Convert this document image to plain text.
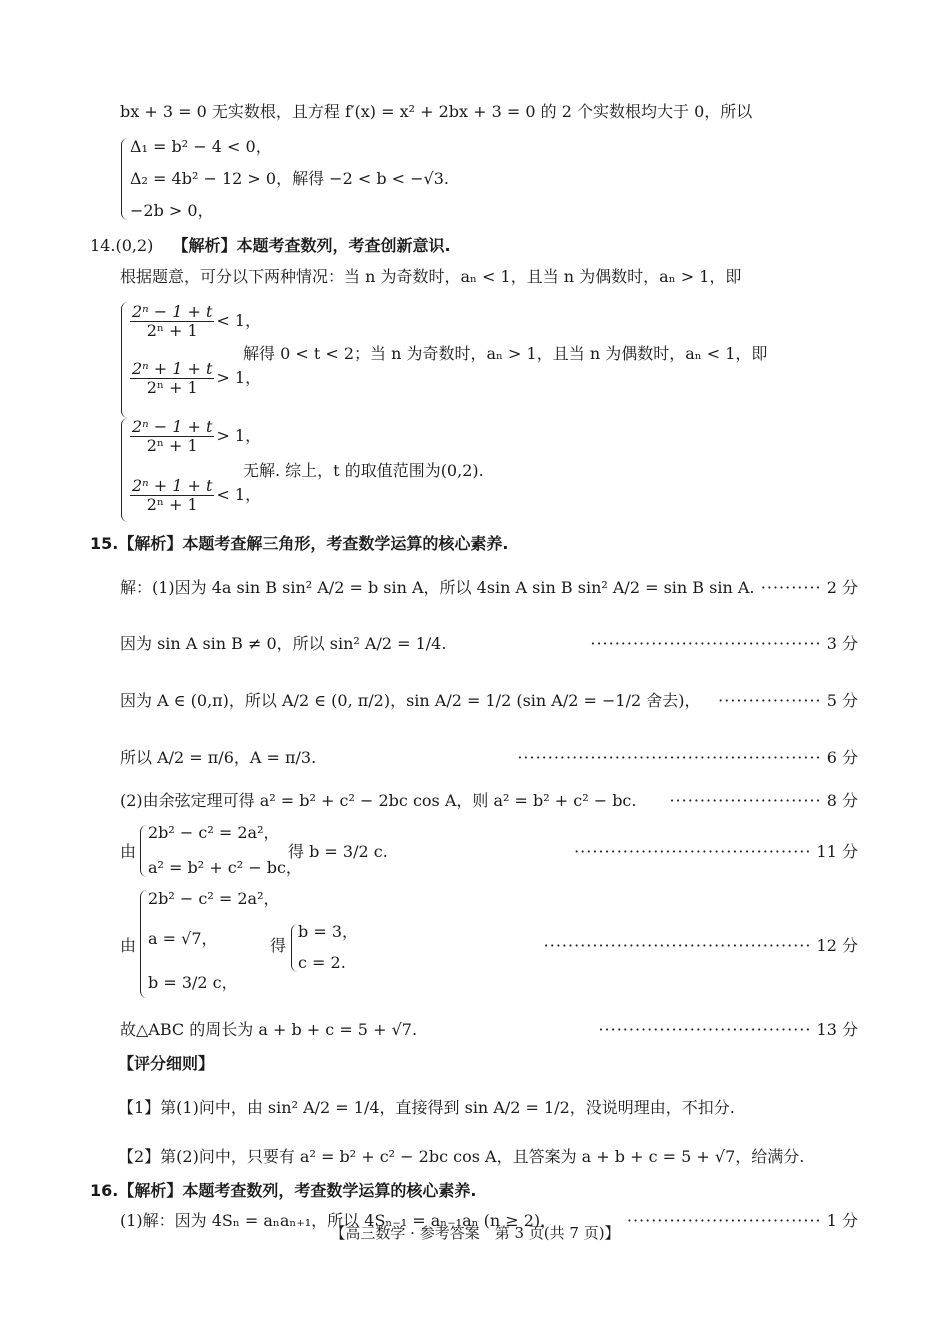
bx + 3 = 0 无实数根，且方程 f′(x) = x² + 2bx + 3 = 0 的 2 个实数根均大于 0，所以
Δ₁ = b² − 4 < 0，
Δ₂ = 4b² − 12 > 0，解得 −2 < b < −√3.
−2b > 0，
14.(0,2) 【解析】本题考查数列，考查创新意识.
根据题意，可分以下两种情况：当 n 为奇数时，aₙ < 1，且当 n 为偶数时，aₙ > 1，即
$\frac{\text{2ⁿ − 1 + t}}{\text{2ⁿ + 1}} < 1$，
$\frac{\text{2ⁿ + 1 + t}}{\text{2ⁿ + 1}} > 1$，
解得 0 < t < 2；当 n 为奇数时，aₙ > 1，且当 n 为偶数时，aₙ < 1，即
$\frac{\text{2ⁿ − 1 + t}}{\text{2ⁿ + 1}} > 1$，
$\frac{\text{2ⁿ + 1 + t}}{\text{2ⁿ + 1}} < 1$，
无解. 综上，t 的取值范围为(0,2).
15.【解析】本题考查解三角形，考查数学运算的核心素养.
解：(1)因为 4a sin B sin² A/2 = b sin A，所以 4sin A sin B sin² A/2 = sin B sin A. ·········· 2 分
因为 sin A sin B ≠ 0，所以 sin² A/2 = 1/4.	······································ 3 分
因为 A ∈ (0,π)，所以 A/2 ∈ (0, π/2)，sin A/2 = 1/2 (sin A/2 = −1/2 舍去)， ················· 5 分
所以 A/2 = π/6，A = π/3.	·················································· 6 分
(2)由余弦定理可得 a² = b² + c² − 2bc cos A，则 a² = b² + c² − bc. ························· 8 分
由
2b² − c² = 2a²，
a² = b² + c² − bc，
得 b = 3/2 c.	······································· 11 分
由
2b² − c² = 2a²，
a = √7，
b = 3/2 c，
得
b = 3，
c = 2.
············································ 12 分
故△ABC 的周长为 a + b + c = 5 + √7.	··································· 13 分
【评分细则】
【1】第(1)问中，由 sin² A/2 = 1/4，直接得到 sin A/2 = 1/2，没说明理由，不扣分.
【2】第(2)问中，只要有 a² = b² + c² − 2bc cos A，且答案为 a + b + c = 5 + √7，给满分.
16.【解析】本题考查数列，考查数学运算的核心素养.
(1)解：因为 4Sₙ = aₙaₙ₊₁，所以 4Sₙ₋₁ = aₙ₋₁aₙ (n ≥ 2)，	································ 1 分
【高三数学 · 参考答案　第 3 页(共 7 页)】
